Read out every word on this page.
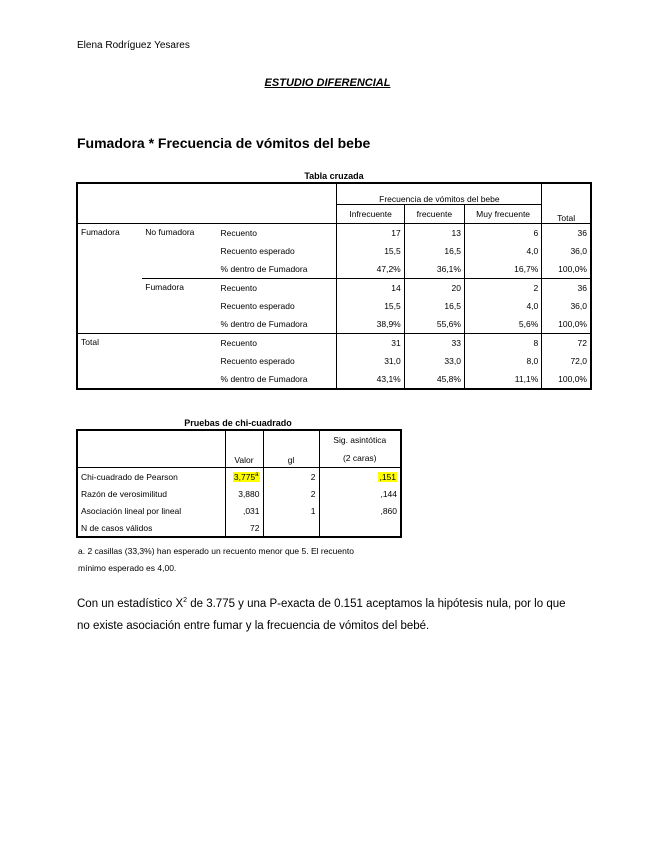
Elena Rodríguez Yesares
ESTUDIO DIFERENCIAL
Fumadora * Frecuencia de vómitos del bebe
Tabla cruzada
			Frecuencia de vómitos del bebe			Total
			Infrecuente	frecuente	Muy frecuente	
Fumadora	No fumadora	Recuento	17	13	6	36
		Recuento esperado	15,5	16,5	4,0	36,0
		% dentro de Fumadora	47,2%	36,1%	16,7%	100,0%
	Fumadora	Recuento	14	20	2	36
		Recuento esperado	15,5	16,5	4,0	36,0
		% dentro de Fumadora	38,9%	55,6%	5,6%	100,0%
Total		Recuento	31	33	8	72
		Recuento esperado	31,0	33,0	8,0	72,0
		% dentro de Fumadora	43,1%	45,8%	11,1%	100,0%
Pruebas de chi-cuadrado
	Valor	gl	Sig. asintótica
			(2 caras)
Chi-cuadrado de Pearson	3,775$^a$	2	,151
Razón de verosimilitud	3,880	2	,144
Asociación lineal por lineal	,031	1	,860
N de casos válidos	72		
a. 2 casillas (33,3%) han esperado un recuento menor que 5. El recuento
mínimo esperado es 4,00.
Con un estadístico $X^2$ de 3.775 y una P-exacta de 0.151 aceptamos la hipótesis nula, por lo que
no existe asociación entre fumar y la frecuencia de vómitos del bebé.
